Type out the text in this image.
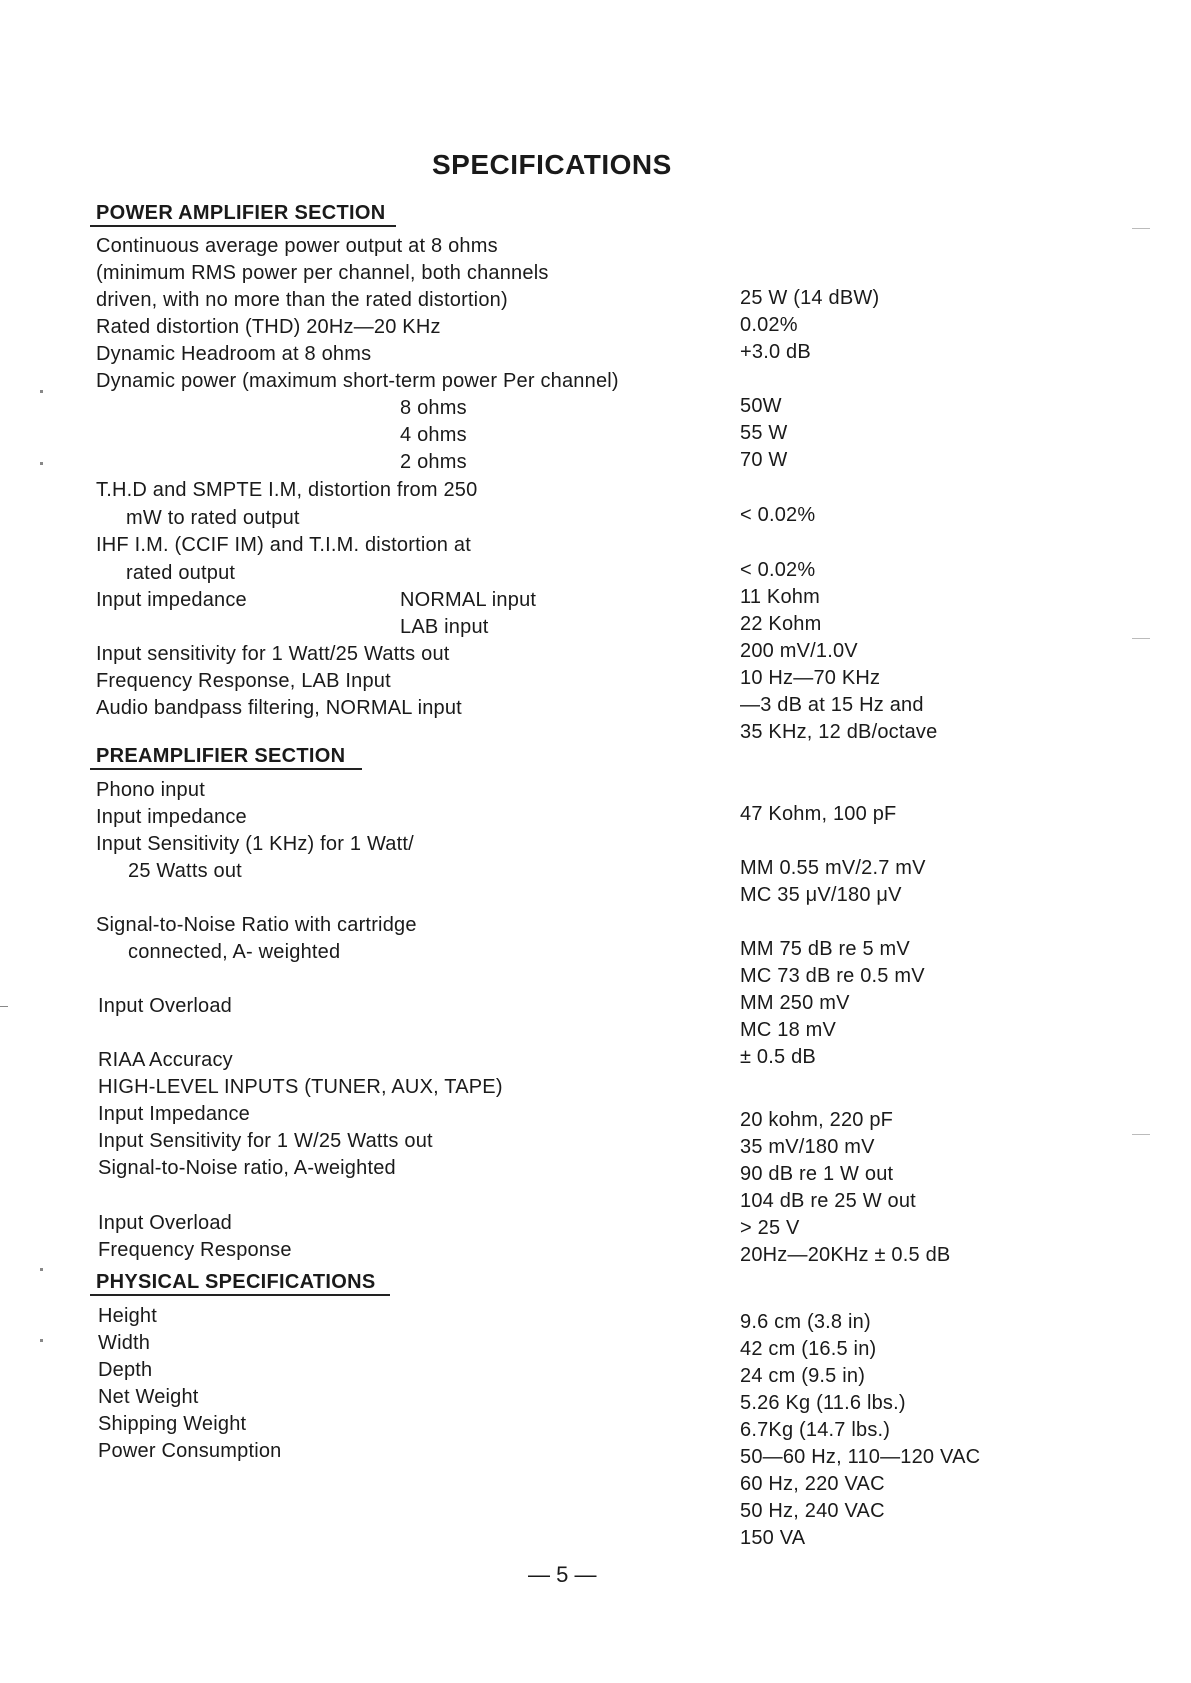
SPECIFICATIONS
POWER AMPLIFIER SECTION
Continuous average power output at 8 ohms
(minimum RMS power per channel, both channels
driven, with no more than the rated distortion)	25 W (14 dBW)
Rated distortion (THD) 20Hz—20 KHz	0.02%
Dynamic Headroom at 8 ohms	+3.0 dB
Dynamic power (maximum short-term power Per channel)
8 ohms	50W
4 ohms	55 W
2 ohms	70 W
T.H.D and SMPTE I.M, distortion from 250
mW to rated output	< 0.02%
IHF I.M. (CCIF IM) and T.I.M. distortion at
rated output	< 0.02%
Input impedance	NORMAL input	11 Kohm
LAB input	22 Kohm
Input sensitivity for 1 Watt/25 Watts out	200 mV/1.0V
Frequency Response, LAB Input	10 Hz—70 KHz
Audio bandpass filtering, NORMAL input	—3 dB at 15 Hz and
35 KHz, 12 dB/octave
PREAMPLIFIER SECTION
Phono input
Input impedance	47 Kohm, 100 pF
Input Sensitivity (1 KHz) for 1 Watt/
25 Watts out	MM 0.55 mV/2.7 mV
MC 35 μV/180 μV
Signal-to-Noise Ratio with cartridge
connected, A- weighted	MM 75 dB re 5 mV
MC 73 dB re 0.5 mV
Input Overload	MM 250 mV
MC 18 mV
RIAA Accuracy	± 0.5 dB
HIGH-LEVEL INPUTS (TUNER, AUX, TAPE)
Input Impedance	20 kohm, 220 pF
Input Sensitivity for 1 W/25 Watts out	35 mV/180 mV
Signal-to-Noise ratio, A-weighted	90 dB re 1 W out
104 dB re 25 W out
Input Overload	> 25 V
Frequency Response	20Hz—20KHz ± 0.5 dB
PHYSICAL SPECIFICATIONS
Height	9.6 cm (3.8 in)
Width	42 cm (16.5 in)
Depth	24 cm (9.5 in)
Net Weight	5.26 Kg (11.6 lbs.)
Shipping Weight	6.7Kg (14.7 lbs.)
Power Consumption	50—60 Hz, 110—120 VAC
60 Hz, 220 VAC
50 Hz, 240 VAC
150 VA
— 5 —
